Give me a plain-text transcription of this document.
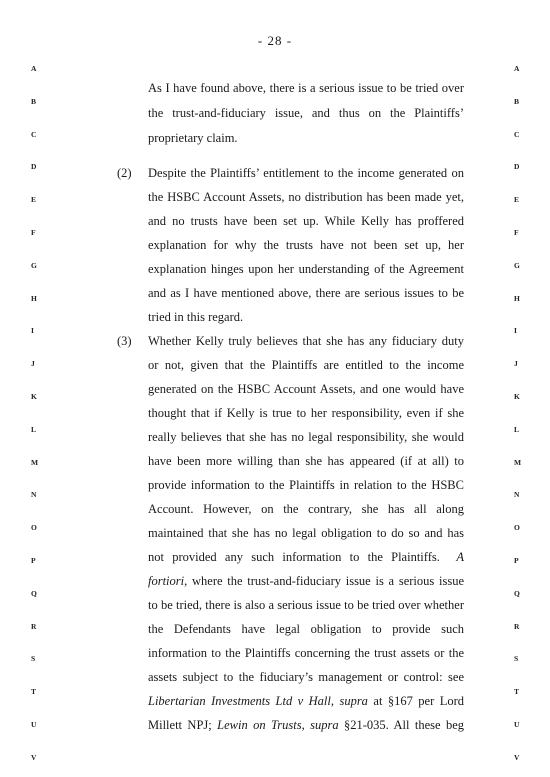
- 28 -
A	A
B	B
C	C
D	D
E	E
F	F
G	G
H	H
I	I
J	J
K	K
L	L
M	M
N	N
O	O
P	P
Q	Q
R	R
S	S
T	T
U	U
V	V
As I have found above, there is a serious issue to be tried over
the trust-and-fiduciary issue, and thus on the Plaintiffs’
proprietary claim.
(2) Despite the Plaintiffs’ entitlement to the income generated on
the HSBC Account Assets, no distribution has been made yet,
and no trusts have been set up. While Kelly has proffered
explanation for why the trusts have not been set up, her
explanation hinges upon her understanding of the Agreement
and as I have mentioned above, there are serious issues to be
tried in this regard.
(3) Whether Kelly truly believes that she has any fiduciary duty
or not, given that the Plaintiffs are entitled to the income
generated on the HSBC Account Assets, and one would have
thought that if Kelly is true to her responsibility, even if she
really believes that she has no legal responsibility, she would
have been more willing than she has appeared (if at all) to
provide information to the Plaintiffs in relation to the HSBC
Account. However, on the contrary, she has all along
maintained that she has no legal obligation to do so and has
not provided any such information to the Plaintiffs. A
fortiori, where the trust-and-fiduciary issue is a serious issue
to be tried, there is also a serious issue to be tried over whether
the Defendants have legal obligation to provide such
information to the Plaintiffs concerning the trust assets or the
assets subject to the fiduciary’s management or control: see
Libertarian Investments Ltd v Hall, supra at §167 per Lord
Millett NPJ; Lewin on Trusts, supra §21-035. All these beg
